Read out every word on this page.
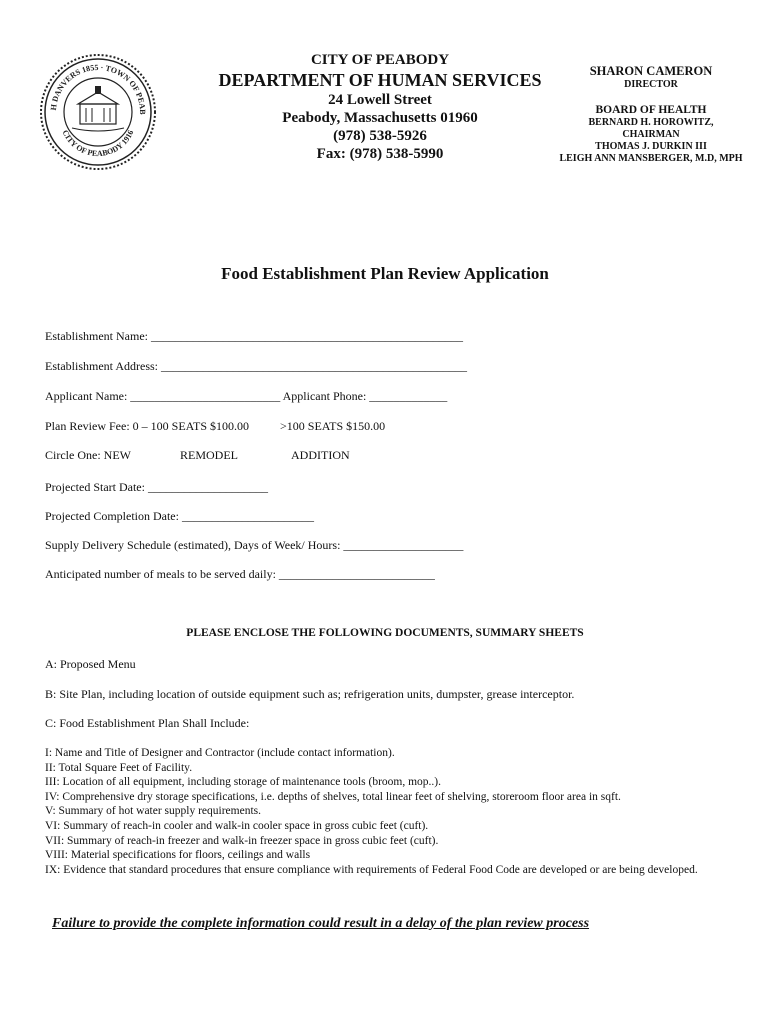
H DANVERS 1855 · TOWN OF PEAB
CITY OF PEABODY 1916
CITY OF PEABODY
DEPARTMENT OF HUMAN SERVICES
24 Lowell Street
Peabody, Massachusetts 01960
(978) 538-5926
Fax: (978) 538-5990
SHARON CAMERON
DIRECTOR
BOARD OF HEALTH
BERNARD H. HOROWITZ,
CHAIRMAN
THOMAS J. DURKIN III
LEIGH ANN MANSBERGER, M.D, MPH
Food Establishment Plan Review Application
Establishment Name: ____________________________________________________
Establishment Address: ___________________________________________________
Applicant Name: _________________________ Applicant Phone: _____________
Plan Review Fee: 0 – 100 SEATS $100.00	>100 SEATS $150.00
Circle One: NEW	REMODEL	ADDITION
Projected Start Date: ____________________
Projected Completion Date: ______________________
Supply Delivery Schedule (estimated), Days of Week/ Hours: ____________________
Anticipated number of meals to be served daily: __________________________
PLEASE ENCLOSE THE FOLLOWING DOCUMENTS, SUMMARY SHEETS
A: Proposed Menu
B: Site Plan, including location of outside equipment such as; refrigeration units, dumpster, grease interceptor.
C: Food Establishment Plan Shall Include:
I: Name and Title of Designer and Contractor (include contact information).
II: Total Square Feet of Facility.
III: Location of all equipment, including storage of maintenance tools (broom, mop..).
IV: Comprehensive dry storage specifications, i.e. depths of shelves, total linear feet of shelving, storeroom floor area in sqft.
V: Summary of hot water supply requirements.
VI: Summary of reach-in cooler and walk-in cooler space in gross cubic feet (cuft).
VII: Summary of reach-in freezer and walk-in freezer space in gross cubic feet (cuft).
VIII: Material specifications for floors, ceilings and walls
IX: Evidence that standard procedures that ensure compliance with requirements of Federal Food Code are developed or are being developed.
Failure to provide the complete information could result in a delay of the plan review process
